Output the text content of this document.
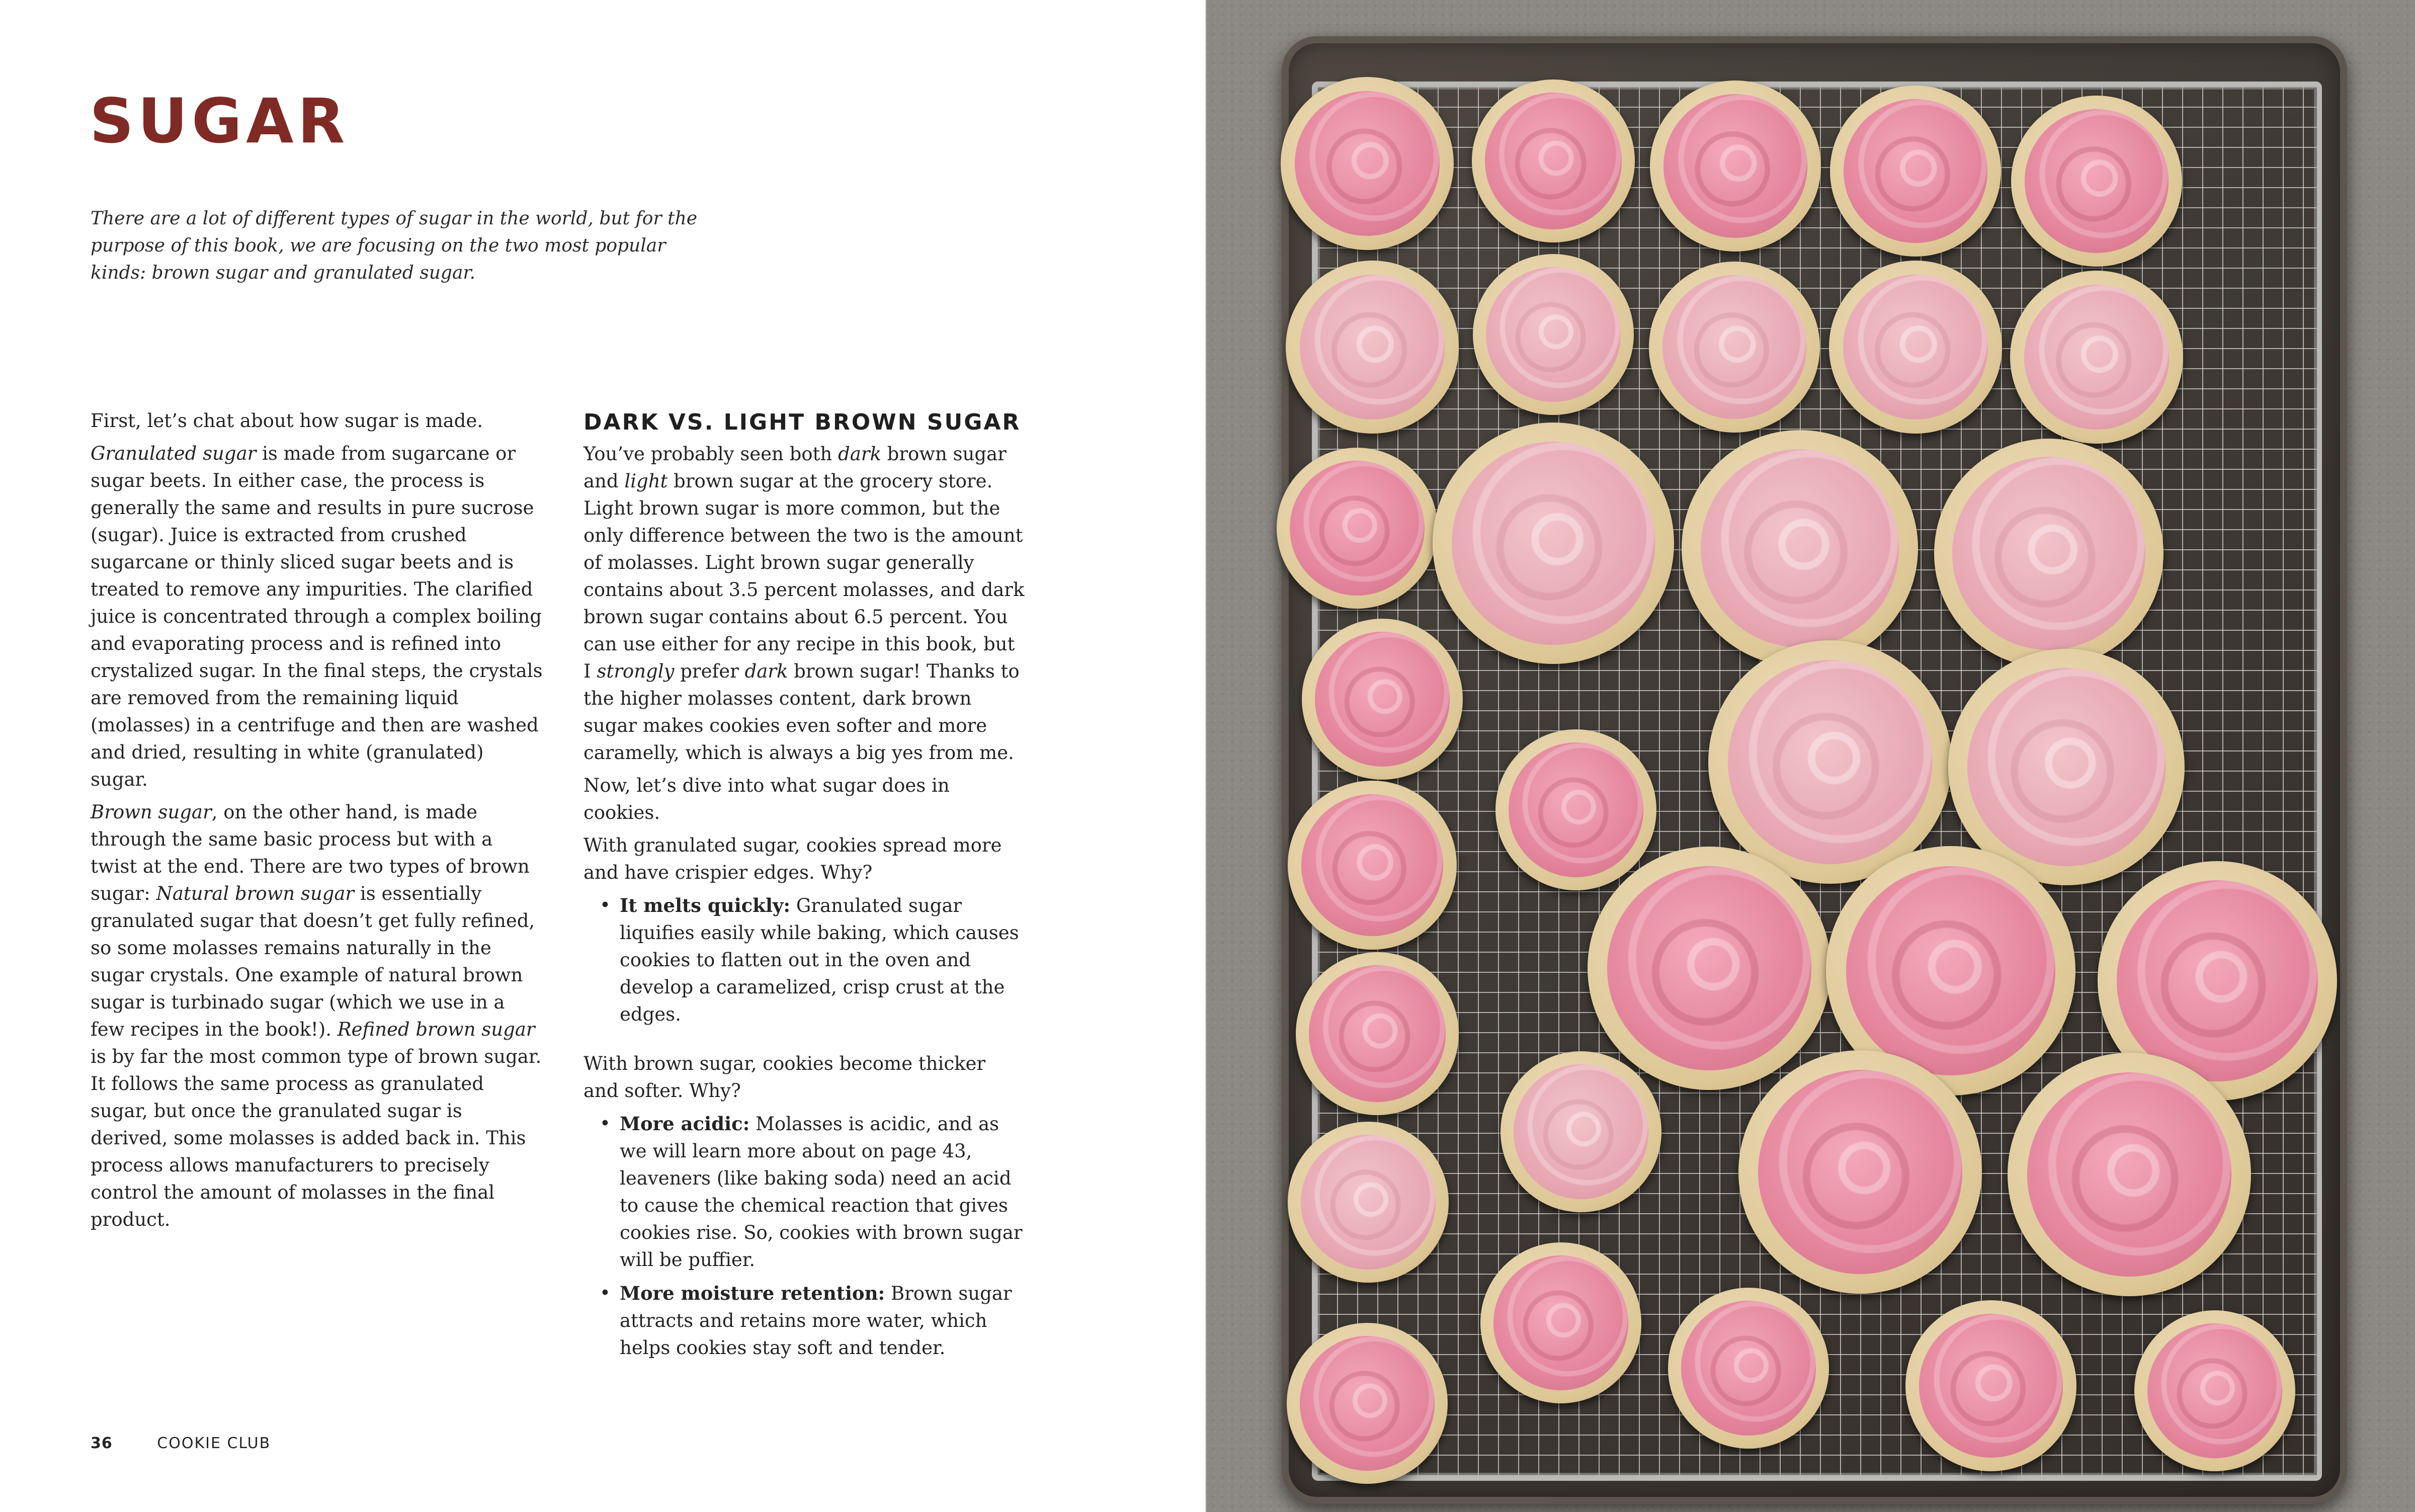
SUGAR

There are a lot of different types of sugar in the world, but for the purpose of this book, we are focusing on the two most popular kinds: brown sugar and granulated sugar.

First, let’s chat about how sugar is made.

Granulated sugar is made from sugarcane or sugar beets. In either case, the process is generally the same and results in pure sucrose (sugar). Juice is extracted from crushed sugarcane or thinly sliced sugar beets and is treated to remove any impurities. The clarified juice is concentrated through a complex boiling and evaporating process and is refined into crystalized sugar. In the final steps, the crystals are removed from the remaining liquid (molasses) in a centrifuge and then are washed and dried, resulting in white (granulated) sugar.

Brown sugar, on the other hand, is made through the same basic process but with a twist at the end. There are two types of brown sugar: Natural brown sugar is essentially granulated sugar that doesn’t get fully refined, so some molasses remains naturally in the sugar crystals. One example of natural brown sugar is turbinado sugar (which we use in a few recipes in the book!). Refined brown sugar is by far the most common type of brown sugar. It follows the same process as granulated sugar, but once the granulated sugar is derived, some molasses is added back in. This process allows manufacturers to precisely control the amount of molasses in the final product.

DARK VS. LIGHT BROWN SUGAR

You’ve probably seen both dark brown sugar and light brown sugar at the grocery store. Light brown sugar is more common, but the only difference between the two is the amount of molasses. Light brown sugar generally contains about 3.5 percent molasses, and dark brown sugar contains about 6.5 percent. You can use either for any recipe in this book, but I strongly prefer dark brown sugar! Thanks to the higher molasses content, dark brown sugar makes cookies even softer and more caramelly, which is always a big yes from me.

Now, let’s dive into what sugar does in cookies.

With granulated sugar, cookies spread more and have crispier edges. Why?

• It melts quickly: Granulated sugar liquifies easily while baking, which causes cookies to flatten out in the oven and develop a caramelized, crisp crust at the edges.

With brown sugar, cookies become thicker and softer. Why?

• More acidic: Molasses is acidic, and as we will learn more about on page 43, leaveners (like baking soda) need an acid to cause the chemical reaction that gives cookies rise. So, cookies with brown sugar will be puffier.
• More moisture retention: Brown sugar attracts and retains more water, which helps cookies stay soft and tender.
36	COOKIE CLUB
